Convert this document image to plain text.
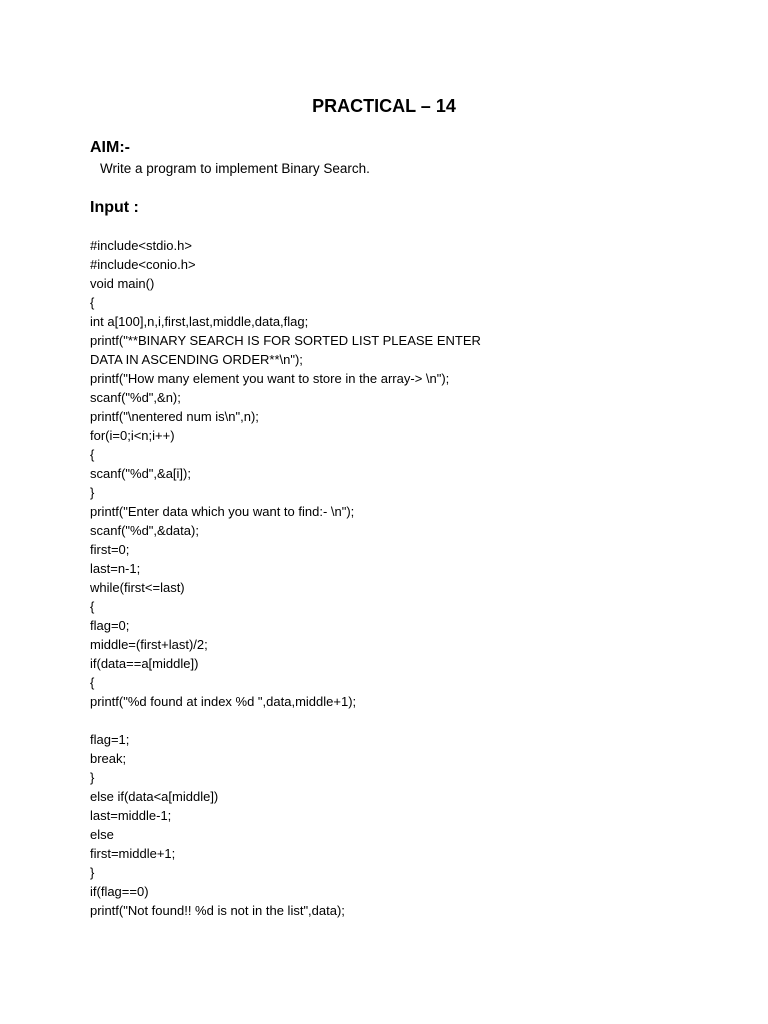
PRACTICAL – 14
AIM:-
Write a program to implement Binary Search.
Input :
#include<stdio.h>
#include<conio.h>
void main()
{
int a[100],n,i,first,last,middle,data,flag;
printf("**BINARY SEARCH IS FOR SORTED LIST PLEASE ENTER
DATA IN ASCENDING ORDER**\n");
printf("How many element you want to store in the array-> \n");
scanf("%d",&n);
printf("\nentered num is\n",n);
for(i=0;i<n;i++)
{
scanf("%d",&a[i]);
}
printf("Enter data which you want to find:- \n");
scanf("%d",&data);
first=0;
last=n-1;
while(first<=last)
{
flag=0;
middle=(first+last)/2;
if(data==a[middle])
{
printf("%d found at index %d ",data,middle+1);
flag=1;
break;
}
else if(data<a[middle])
last=middle-1;
else
first=middle+1;
}
if(flag==0)
printf("Not found!! %d is not in the list",data);
